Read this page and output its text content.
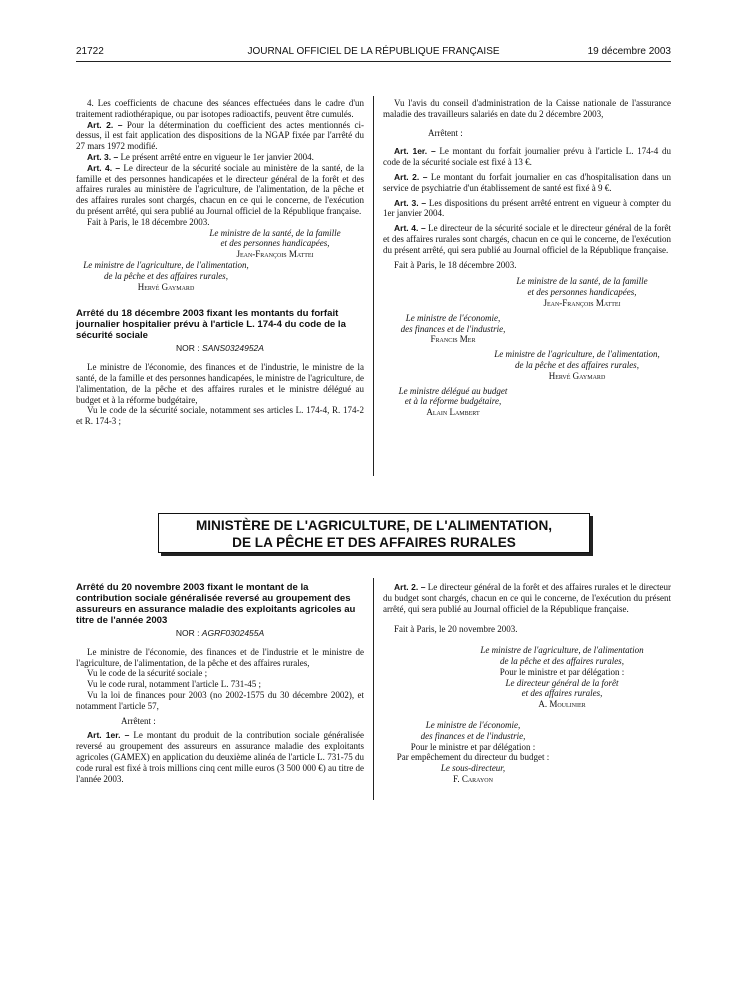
21722	JOURNAL OFFICIEL DE LA RÉPUBLIQUE FRANÇAISE	19 décembre 2003

4. Les coefficients de chacune des séances effectuées dans le cadre d'un traitement radiothérapique, ou par isotopes radioactifs, peuvent être cumulés.

Art. 2. – Pour la détermination du coefficient des actes mentionnés ci-dessus, il est fait application des dispositions de la NGAP fixée par l'arrêté du 27 mars 1972 modifié.

Art. 3. – Le présent arrêté entre en vigueur le 1er janvier 2004.

Art. 4. – Le directeur de la sécurité sociale au ministère de la santé, de la famille et des personnes handicapées et le directeur général de la forêt et des affaires rurales au ministère de l'agriculture, de l'alimentation, de la pêche et des affaires rurales sont chargés, chacun en ce qui le concerne, de l'exécution du présent arrêté, qui sera publié au Journal officiel de la République française.

Fait à Paris, le 18 décembre 2003.

Le ministre de la santé, de la famille
et des personnes handicapées,
Jean-François Mattei
Le ministre de l'agriculture, de l'alimentation,
de la pêche et des affaires rurales,
Hervé Gaymard

Arrêté du 18 décembre 2003 fixant les montants du forfait journalier hospitalier prévu à l'article L. 174-4 du code de la sécurité sociale

NOR : SANS0324952A

Le ministre de l'économie, des finances et de l'industrie, le ministre de la santé, de la famille et des personnes handicapées, le ministre de l'agriculture, de l'alimentation, de la pêche et des affaires rurales et le ministre délégué au budget et à la réforme budgétaire,

Vu le code de la sécurité sociale, notamment ses articles L. 174-4, R. 174-2 et R. 174-3 ;

Vu l'avis du conseil d'administration de la Caisse nationale de l'assurance maladie des travailleurs salariés en date du 2 décembre 2003,

Arrêtent :

Art. 1er. – Le montant du forfait journalier prévu à l'article L. 174-4 du code de la sécurité sociale est fixé à 13 €.

Art. 2. – Le montant du forfait journalier en cas d'hospitalisation dans un service de psychiatrie d'un établissement de santé est fixé à 9 €.

Art. 3. – Les dispositions du présent arrêté entrent en vigueur à compter du 1er janvier 2004.

Art. 4. – Le directeur de la sécurité sociale et le directeur général de la forêt et des affaires rurales sont chargés, chacun en ce qui le concerne, de l'exécution du présent arrêté, qui sera publié au Journal officiel de la République française.

Fait à Paris, le 18 décembre 2003.

Le ministre de la santé, de la famille
et des personnes handicapées,
Jean-François Mattei
Le ministre de l'économie,
des finances et de l'industrie,
Francis Mer
Le ministre de l'agriculture, de l'alimentation,
de la pêche et des affaires rurales,
Hervé Gaymard
Le ministre délégué au budget
et à la réforme budgétaire,
Alain Lambert
MINISTÈRE DE L'AGRICULTURE, DE L'ALIMENTATION,
DE LA PÊCHE ET DES AFFAIRES RURALES

Arrêté du 20 novembre 2003 fixant le montant de la contribution sociale généralisée reversé au groupement des assureurs en assurance maladie des exploitants agricoles au titre de l'année 2003

NOR : AGRF0302455A

Le ministre de l'économie, des finances et de l'industrie et le ministre de l'agriculture, de l'alimentation, de la pêche et des affaires rurales,

Vu le code de la sécurité sociale ;

Vu le code rural, notamment l'article L. 731-45 ;

Vu la loi de finances pour 2003 (no 2002-1575 du 30 décembre 2002), et notamment l'article 57,

Arrêtent :

Art. 1er. – Le montant du produit de la contribution sociale généralisée reversé au groupement des assureurs en assurance maladie des exploitants agricoles (GAMEX) en application du deuxième alinéa de l'article L. 731-75 du code rural est fixé à trois millions cinq cent mille euros (3 500 000 €) au titre de l'année 2003.

Art. 2. – Le directeur général de la forêt et des affaires rurales et le directeur du budget sont chargés, chacun en ce qui le concerne, de l'exécution du présent arrêté, qui sera publié au Journal officiel de la République française.

Fait à Paris, le 20 novembre 2003.

Le ministre de l'agriculture, de l'alimentation
de la pêche et des affaires rurales,
Pour le ministre et par délégation :
Le directeur général de la forêt
et des affaires rurales,
A. Moulinier
Le ministre de l'économie,
des finances et de l'industrie,
Pour le ministre et par délégation :
Par empêchement du directeur du budget :
Le sous-directeur,
F. Carayon
